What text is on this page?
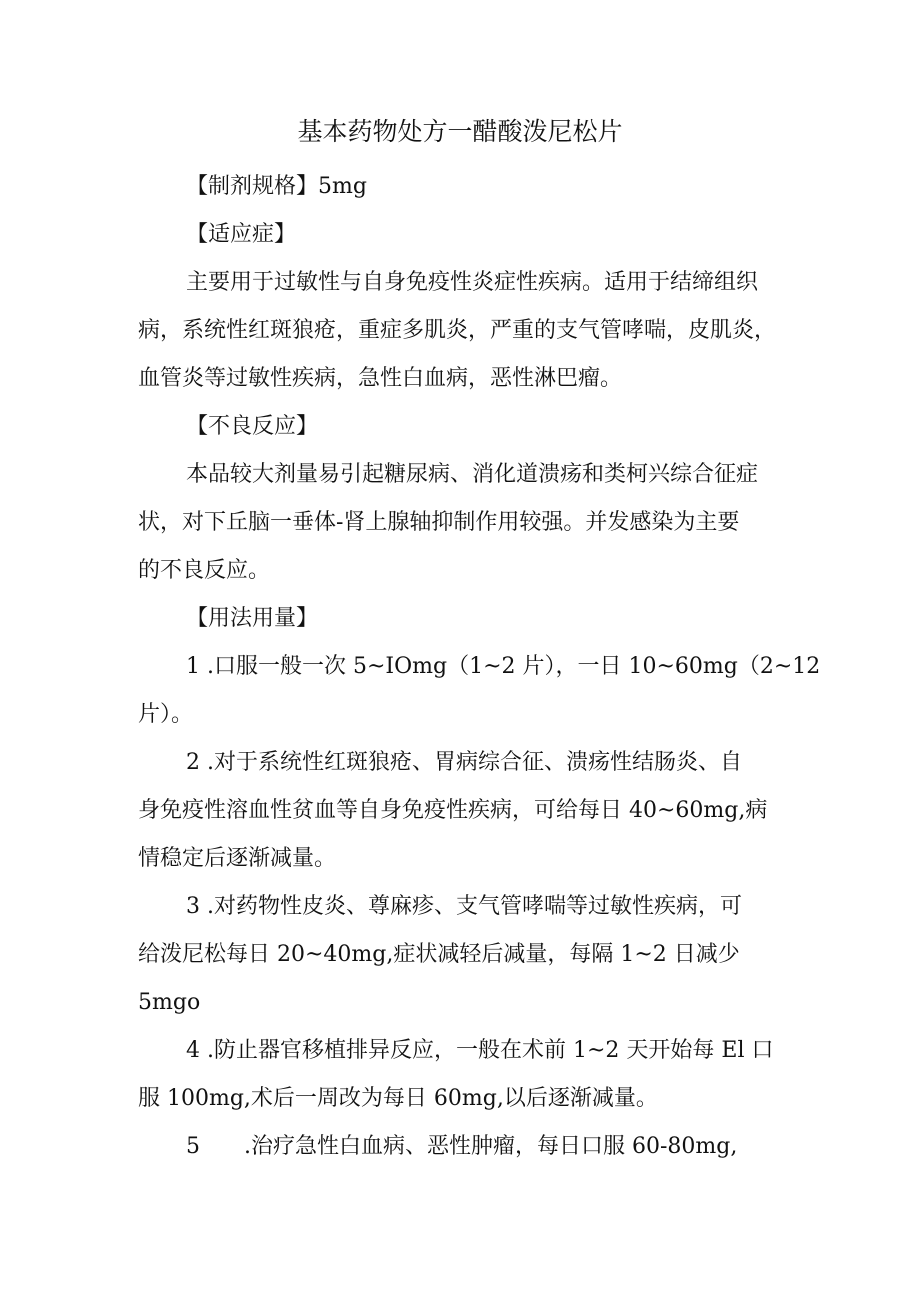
基本药物处方一醋酸泼尼松片
【制剂规格】5mg
【适应症】
主要用于过敏性与自身免疫性炎症性疾病。适用于结缔组织
病，系统性红斑狼疮，重症多肌炎，严重的支气管哮喘，皮肌炎，
血管炎等过敏性疾病，急性白血病，恶性淋巴瘤。
【不良反应】
本品较大剂量易引起糖尿病、消化道溃疡和类柯兴综合征症
状，对下丘脑一垂体-肾上腺轴抑制作用较强。并发感染为主要
的不良反应。
【用法用量】
1 .口服一般一次 5~IOmg（1~2 片），一日 10~60mg（2~12
片）。
2 .对于系统性红斑狼疮、胃病综合征、溃疡性结肠炎、自
身免疫性溶血性贫血等自身免疫性疾病，可给每日 40~60mg,病
情稳定后逐渐减量。
3 .对药物性皮炎、尊麻疹、支气管哮喘等过敏性疾病，可
给泼尼松每日 20~40mg,症状减轻后减量，每隔 1~2 日减少
5mgo
4 .防止器官移植排异反应，一般在术前 1~2 天开始每 El 口
服 100mg,术后一周改为每日 60mg,以后逐渐减量。
5　　.治疗急性白血病、恶性肿瘤，每日口服 60-80mg,
